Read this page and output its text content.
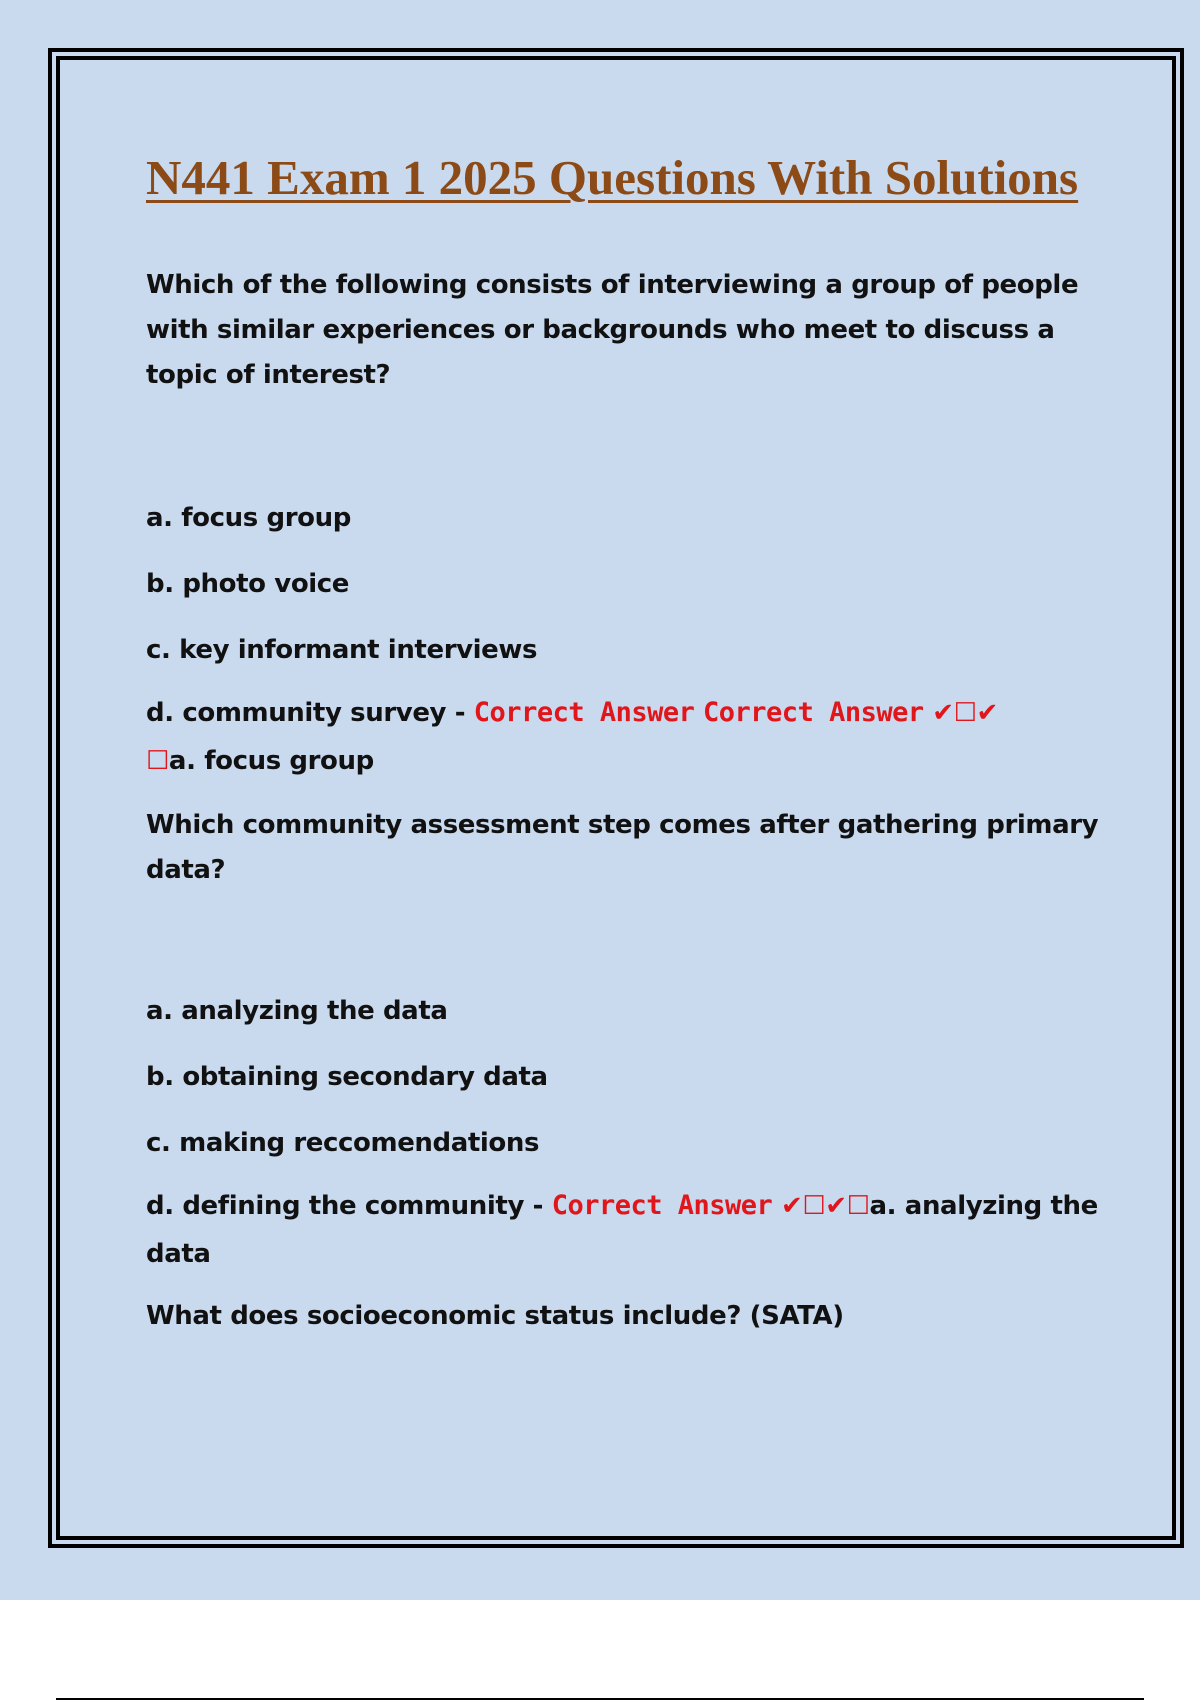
N441 Exam 1 2025 Questions With Solutions

Which of the following consists of interviewing a group of people with similar experiences or backgrounds who meet to discuss a topic of interest?

a. focus group

b. photo voice

c. key informant interviews

d. community survey - Correct Answer Correct Answer ✔☐✔
☐a. focus group

Which community assessment step comes after gathering primary data?

a. analyzing the data

b. obtaining secondary data

c. making reccomendations

d. defining the community - Correct Answer ✔☐✔☐a. analyzing the data

What does socioeconomic status include? (SATA)
